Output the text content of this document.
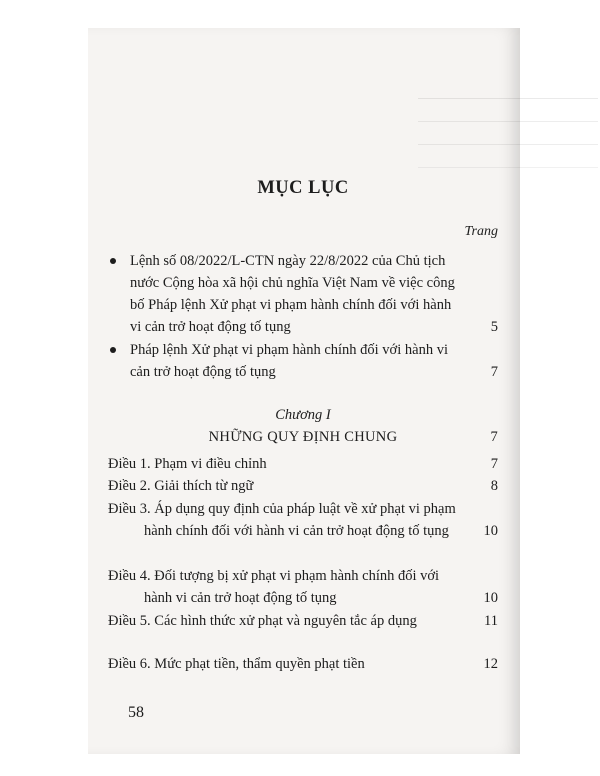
MỤC LỤC
Trang
Lệnh số 08/2022/L-CTN ngày 22/8/2022 của Chủ tịch nước Cộng hòa xã hội chủ nghĩa Việt Nam về việc công bố Pháp lệnh Xử phạt vi phạm hành chính đối với hành vi cản trở hoạt động tố tụng	5
Pháp lệnh Xử phạt vi phạm hành chính đối với hành vi cản trở hoạt động tố tụng	7
Chương I
NHỮNG QUY ĐỊNH CHUNG	7
Điều 1. Phạm vi điều chỉnh	7
Điều 2. Giải thích từ ngữ	8
Điều 3. Áp dụng quy định của pháp luật về xử phạt vi phạm hành chính đối với hành vi cản trở hoạt động tố tụng	10
Điều 4. Đối tượng bị xử phạt vi phạm hành chính đối với hành vi cản trở hoạt động tố tụng	10
Điều 5. Các hình thức xử phạt và nguyên tắc áp dụng	11
Điều 6. Mức phạt tiền, thẩm quyền phạt tiền	12
58
